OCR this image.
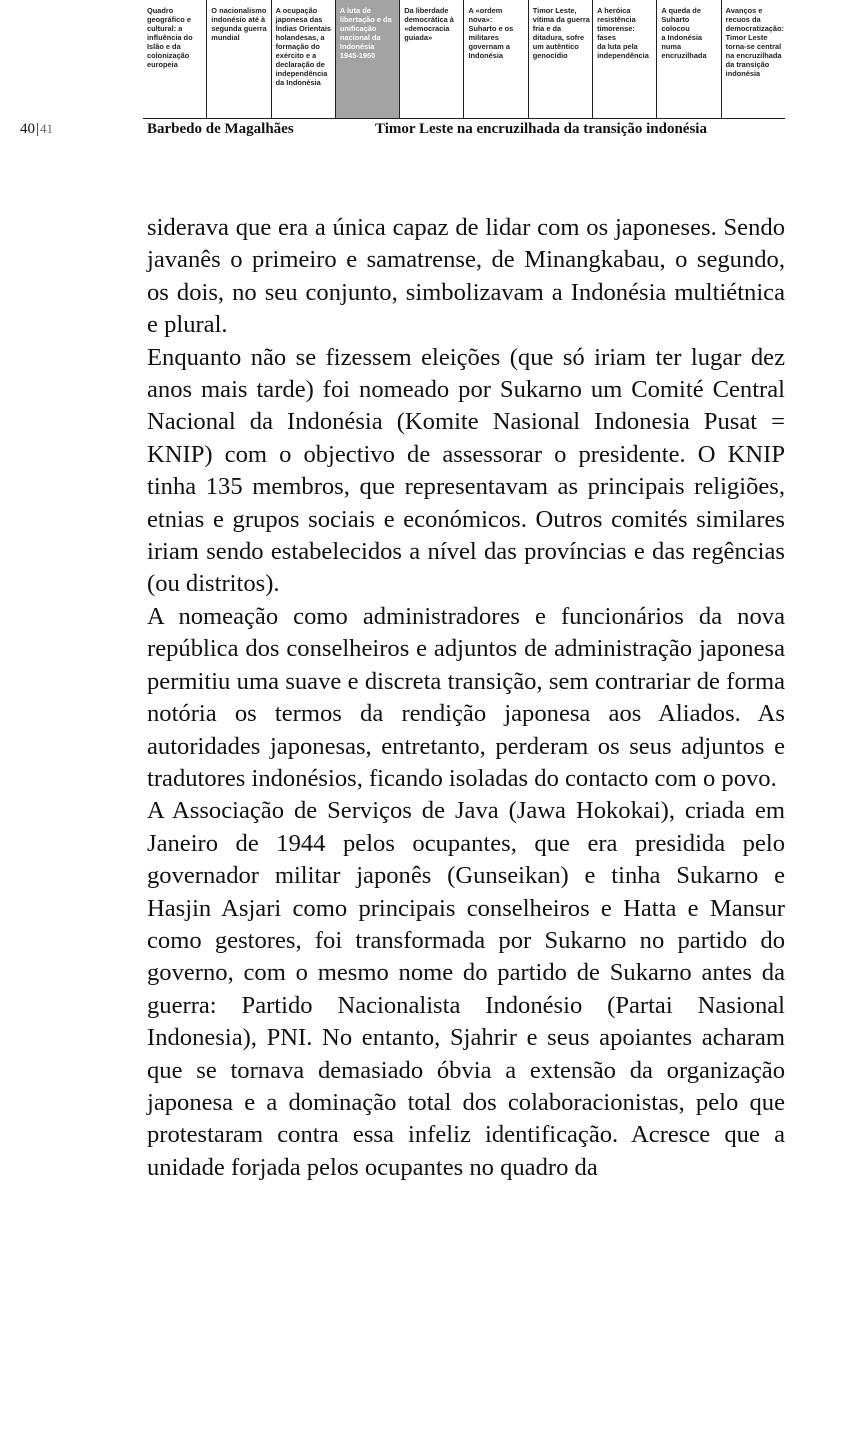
Quadro
geográfico e
cultural: a
influência do
Islão e da
colonização
europeia
O nacionalismo
indonésio até à
segunda guerra
mundial
A ocupação
japonesa das
Índias Orientais
holandesas, a
formação do
exército e a
declaração de
independência
da Indonésia
A luta de
libertação e da
unificação
nacional da
Indonésia
1945-1950
Da liberdade
democrática à
«democracia
guiada»
A «ordem nova»:
Suharto e os
militares
governam a
Indonésia
Timor Leste,
vítima da guerra
fria e da
ditadura, sofre
um autêntico
genocídio
A heróica
resistência
timorense: fases
da luta pela
independência
A queda de
Suharto colocou
a Indonésia
numa
encruzilhada
Avanços e
recuos da
democratização:
Timor Leste
torna-se central
na encruzilhada
da transição
indonésia
40|41	Barbedo de Magalhães	Timor Leste na encruzilhada da transição indonésia

siderava que era a única capaz de lidar com os japoneses. Sendo javanês o primeiro e samatrense, de Minangkabau, o segundo, os dois, no seu conjunto, simbolizavam a Indonésia multiétnica e plural.

Enquanto não se fizessem eleições (que só iriam ter lugar dez anos mais tarde) foi nomeado por Sukarno um Comité Central Nacional da Indonésia (Komite Nasional Indonesia Pusat = KNIP) com o objectivo de assessorar o presidente. O KNIP tinha 135 membros, que representavam as principais religiões, etnias e grupos sociais e económicos. Outros comités similares iriam sendo estabelecidos a nível das províncias e das regências (ou distritos).

A nomeação como administradores e funcionários da nova república dos conselheiros e adjuntos de administração japonesa permitiu uma suave e discreta transição, sem contrariar de forma notória os termos da rendição japonesa aos Aliados. As autoridades japonesas, entretanto, perderam os seus adjuntos e tradutores indonésios, ficando isoladas do contacto com o povo.

A Associação de Serviços de Java (Jawa Hokokai), criada em Janeiro de 1944 pelos ocupantes, que era presidida pelo governador militar japonês (Gunseikan) e tinha Sukarno e Hasjin Asjari como principais conselheiros e Hatta e Mansur como gestores, foi transformada por Sukarno no partido do governo, com o mesmo nome do partido de Sukarno antes da guerra: Partido Nacionalista Indonésio (Partai Nasional Indonesia), PNI. No entanto, Sjahrir e seus apoiantes acharam que se tornava demasiado óbvia a extensão da organização japonesa e a dominação total dos colaboracionistas, pelo que protestaram contra essa infeliz identificação. Acresce que a unidade forjada pelos ocupantes no quadro da
